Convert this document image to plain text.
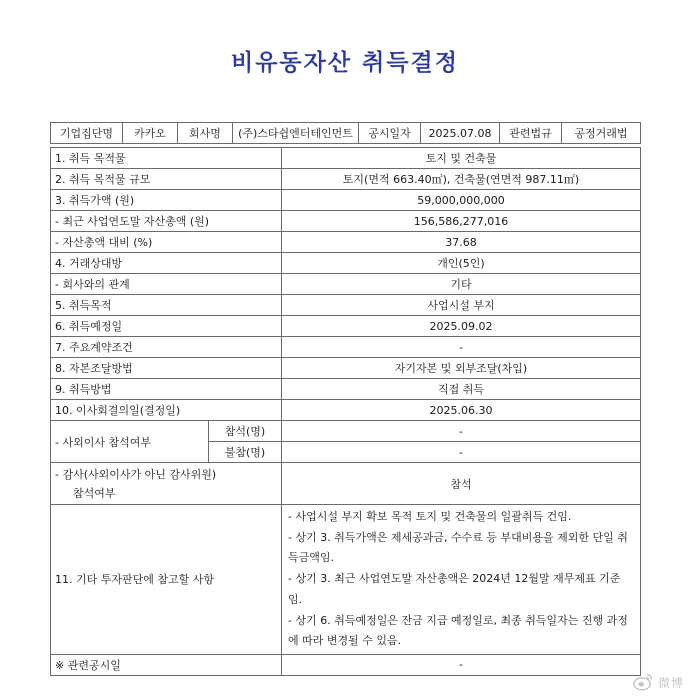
비유동자산 취득결정
기업집단명	카카오	회사명	(주)스타쉽엔터테인먼트	공시일자	2025.07.08	관련법규	공정거래법
1. 취득 목적물		토지 및 건축물
2. 취득 목적물 규모		토지(면적 663.40㎡), 건축물(연면적 987.11㎡)
3. 취득가액 (원)		59,000,000,000
- 최근 사업연도말 자산총액 (원)		156,586,277,016
- 자산총액 대비 (%)		37.68
4. 거래상대방		개인(5인)
- 회사와의 관계		기타
5. 취득목적		사업시설 부지
6. 취득예정일		2025.09.02
7. 주요계약조건		-
8. 자본조달방법		자기자본 및 외부조달(차입)
9. 취득방법		직접 취득
10. 이사회결의일(결정일)		2025.06.30
- 사외이사 참석여부	참석(명)	-
	불참(명)	-
- 감사(사외이사가 아닌 감사위원)
참석여부		참석
11. 기타 투자판단에 참고할 사항		- 사업시설 부지 확보 목적 토지 및 건축물의 일괄취득 건임.
- 상기 3. 취득가액은 제세공과금, 수수료 등 부대비용을 제외한 단일 취득금액임.
- 상기 3. 최근 사업연도말 자산총액은 2024년 12월말 재무제표 기준임.
- 상기 6. 취득예정일은 잔금 지급 예정일로, 최종 취득일자는 진행 과정에 따라 변경될 수 있음.

※ 관련공시일		-
微博
